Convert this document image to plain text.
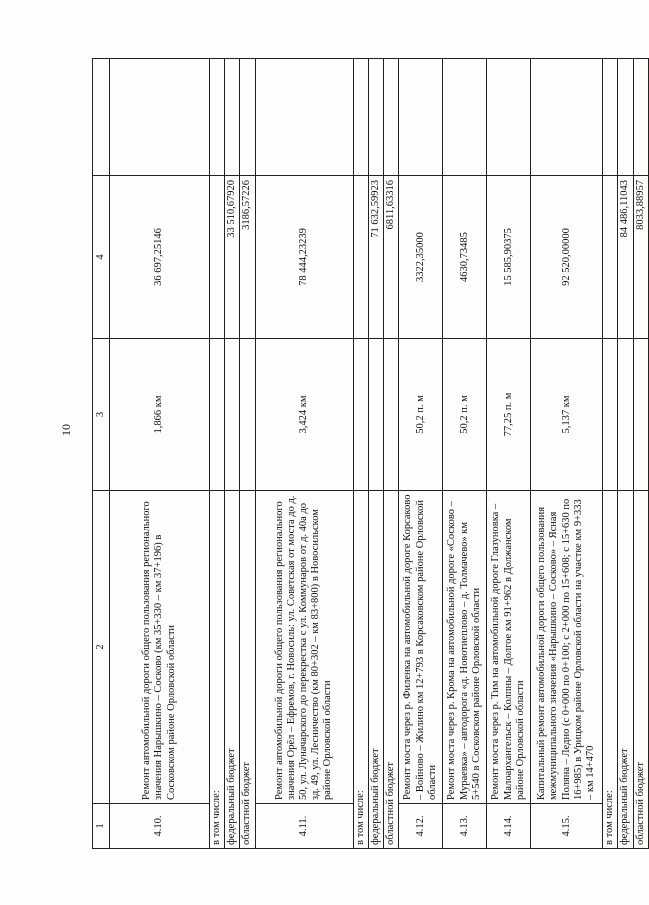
10
1	2	3	4	
4.10.	Ремонт автомобильной дороги общего пользования регионального значения Нарышкино – Сосково (км 35+330 – км 37+196) в Сосковском районе Орловской области	1,866 км	36 697,25146	
в том числе:				
федеральный бюджет			33 510,67920	
областной бюджет			3186,57226	
4.11.	Ремонт автомобильной дороги общего пользования регионального значения Орёл – Ефремов, г. Новосиль: ул. Советская от моста до д. 50, ул. Луначарского до перекрестка с ул. Коммунаров от д. 40а до зд. 49, ул. Лесничество (км 80+302 – км 83+800) в Новосильском районе Орловской области	3,424 км	78 444,23239	
в том числе:				
федеральный бюджет			71 632,59923	
областной бюджет			6811,63316	
4.12.	Ремонт моста через р. Филенка на автомобильной дороге Корсаково – Войново – Жилино км 12+793 в Корсаковском районе Орловской области	50,2 п. м	3322,35000	
4.13.	Ремонт моста через р. Крома на автомобильной дороге «Сосково – Мураевка» – автодорога «д. Новотиеплово – д. Толмачево» км 5+540 в Сосковском районе Орловской области	50,2 п. м	4630,73485	
4.14.	Ремонт моста через р. Тим на автомобильной дороге Глазуновка – Малоархангельск – Колпны – Долгое км 91+962 в Должанском районе Орловской области	77,25 п. м	15 585,90375	
4.15.	Капитальный ремонт автомобильной дороги общего пользования межмуниципального значения «Нарышкино – Сосково» – Ясная Поляна – Ледно (с 0+000 по 0+100; с 2+000 по 15+608; с 15+630 по 16+985) в Урицком районе Орловской области на участке км 9+333 – км 14+470	5,137 км	92 520,00000	
в том числе:				
федеральный бюджет			84 486,11043	
областной бюджет			8033,88957	
